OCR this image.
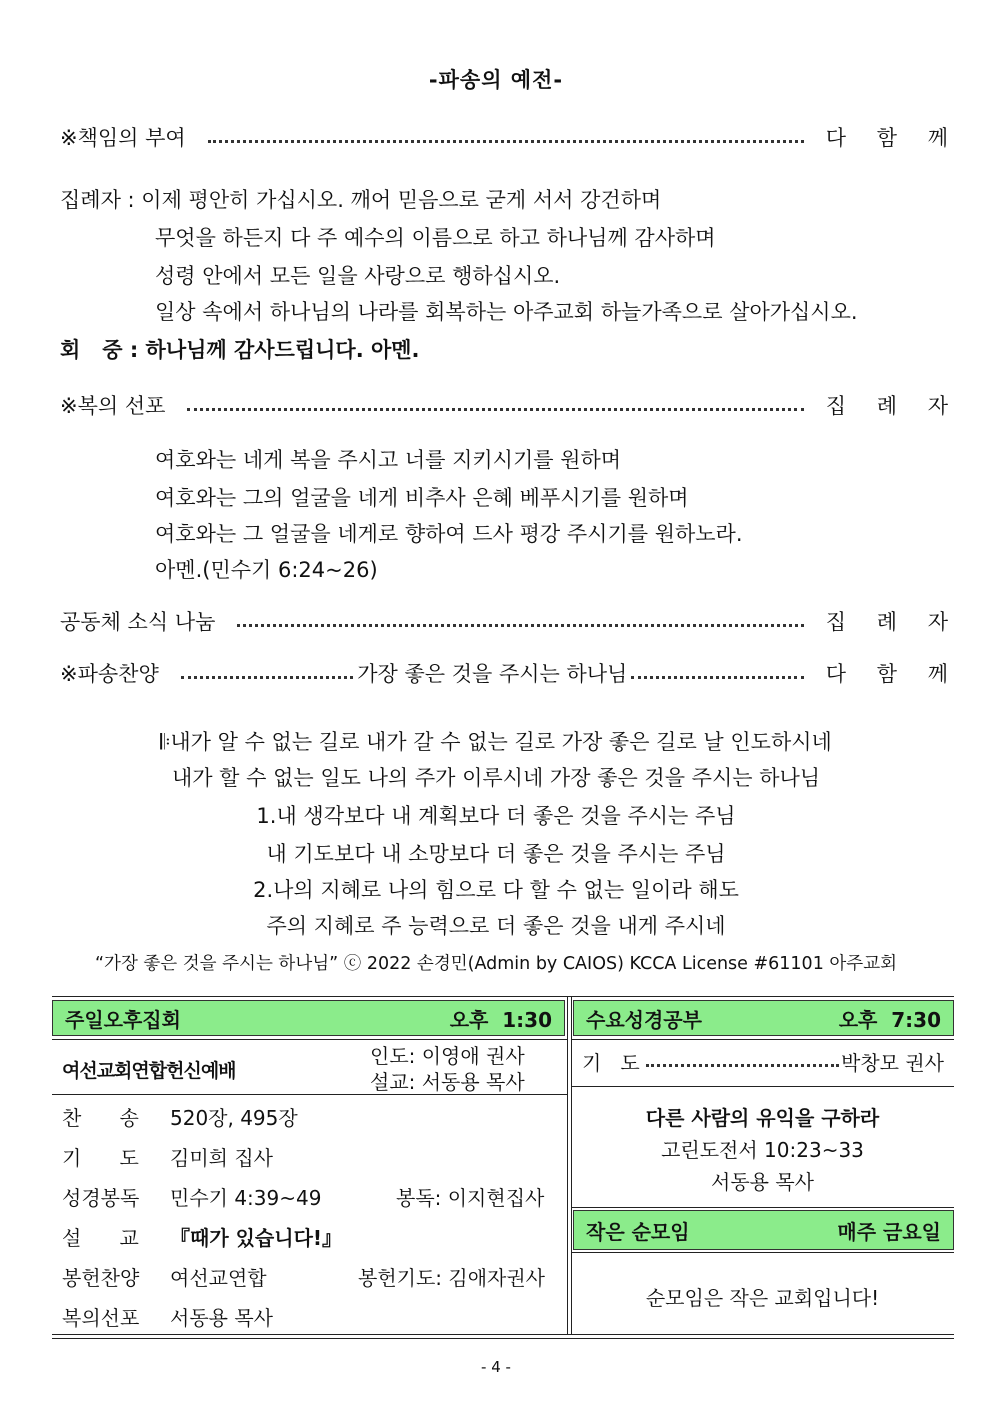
-파송의 예전-
※책임의 부여	다 함 께
집례자 : 이제 평안히 가십시오. 깨어 믿음으로 굳게 서서 강건하며
무엇을 하든지 다 주 예수의 이름으로 하고 하나님께 감사하며
성령 안에서 모든 일을 사랑으로 행하십시오.
일상 속에서 하나님의 나라를 회복하는 아주교회 하늘가족으로 살아가십시오.
회   중 : 하나님께 감사드립니다. 아멘.
※복의 선포	집 례 자
여호와는 네게 복을 주시고 너를 지키시기를 원하며
여호와는 그의 얼굴을 네게 비추사 은혜 베푸시기를 원하며
여호와는 그 얼굴을 네게로 향하여 드사 평강 주시기를 원하노라.
아멘.(민수기 6:24~26)
공동체 소식 나눔	집 례 자
※파송찬양	가장 좋은 것을 주시는 하나님	다 함 께
𝄆내가 알 수 없는 길로 내가 갈 수 없는 길로 가장 좋은 길로 날 인도하시네
내가 할 수 없는 일도 나의 주가 이루시네 가장 좋은 것을 주시는 하나님
1.내 생각보다 내 계획보다 더 좋은 것을 주시는 주님
내 기도보다 내 소망보다 더 좋은 것을 주시는 주님
2.나의 지혜로 나의 힘으로 다 할 수 없는 일이라 해도
주의 지혜로 주 능력으로 더 좋은 것을 내게 주시네
“가장 좋은 것을 주시는 하나님” ⓒ 2022 손경민(Admin by CAIOS) KCCA License #61101 아주교회
주일오후집회	오후  1:30
여선교회연합헌신예배
인도: 이영애 권사
설교: 서동용 목사
찬      송 520장, 495장
기      도 김미희 집사
성경봉독 민수기 4:39~49	봉독: 이지현집사
설      교 『때가 있습니다!』
봉헌찬양 여선교연합	봉헌기도: 김애자권사
복의선포 서동용 목사
수요성경공부	오후  7:30
기   도	박창모 권사
다른 사람의 유익을 구하라
고린도전서 10:23~33
서동용 목사
작은 순모임	매주 금요일
순모임은 작은 교회입니다!
- 4 -
